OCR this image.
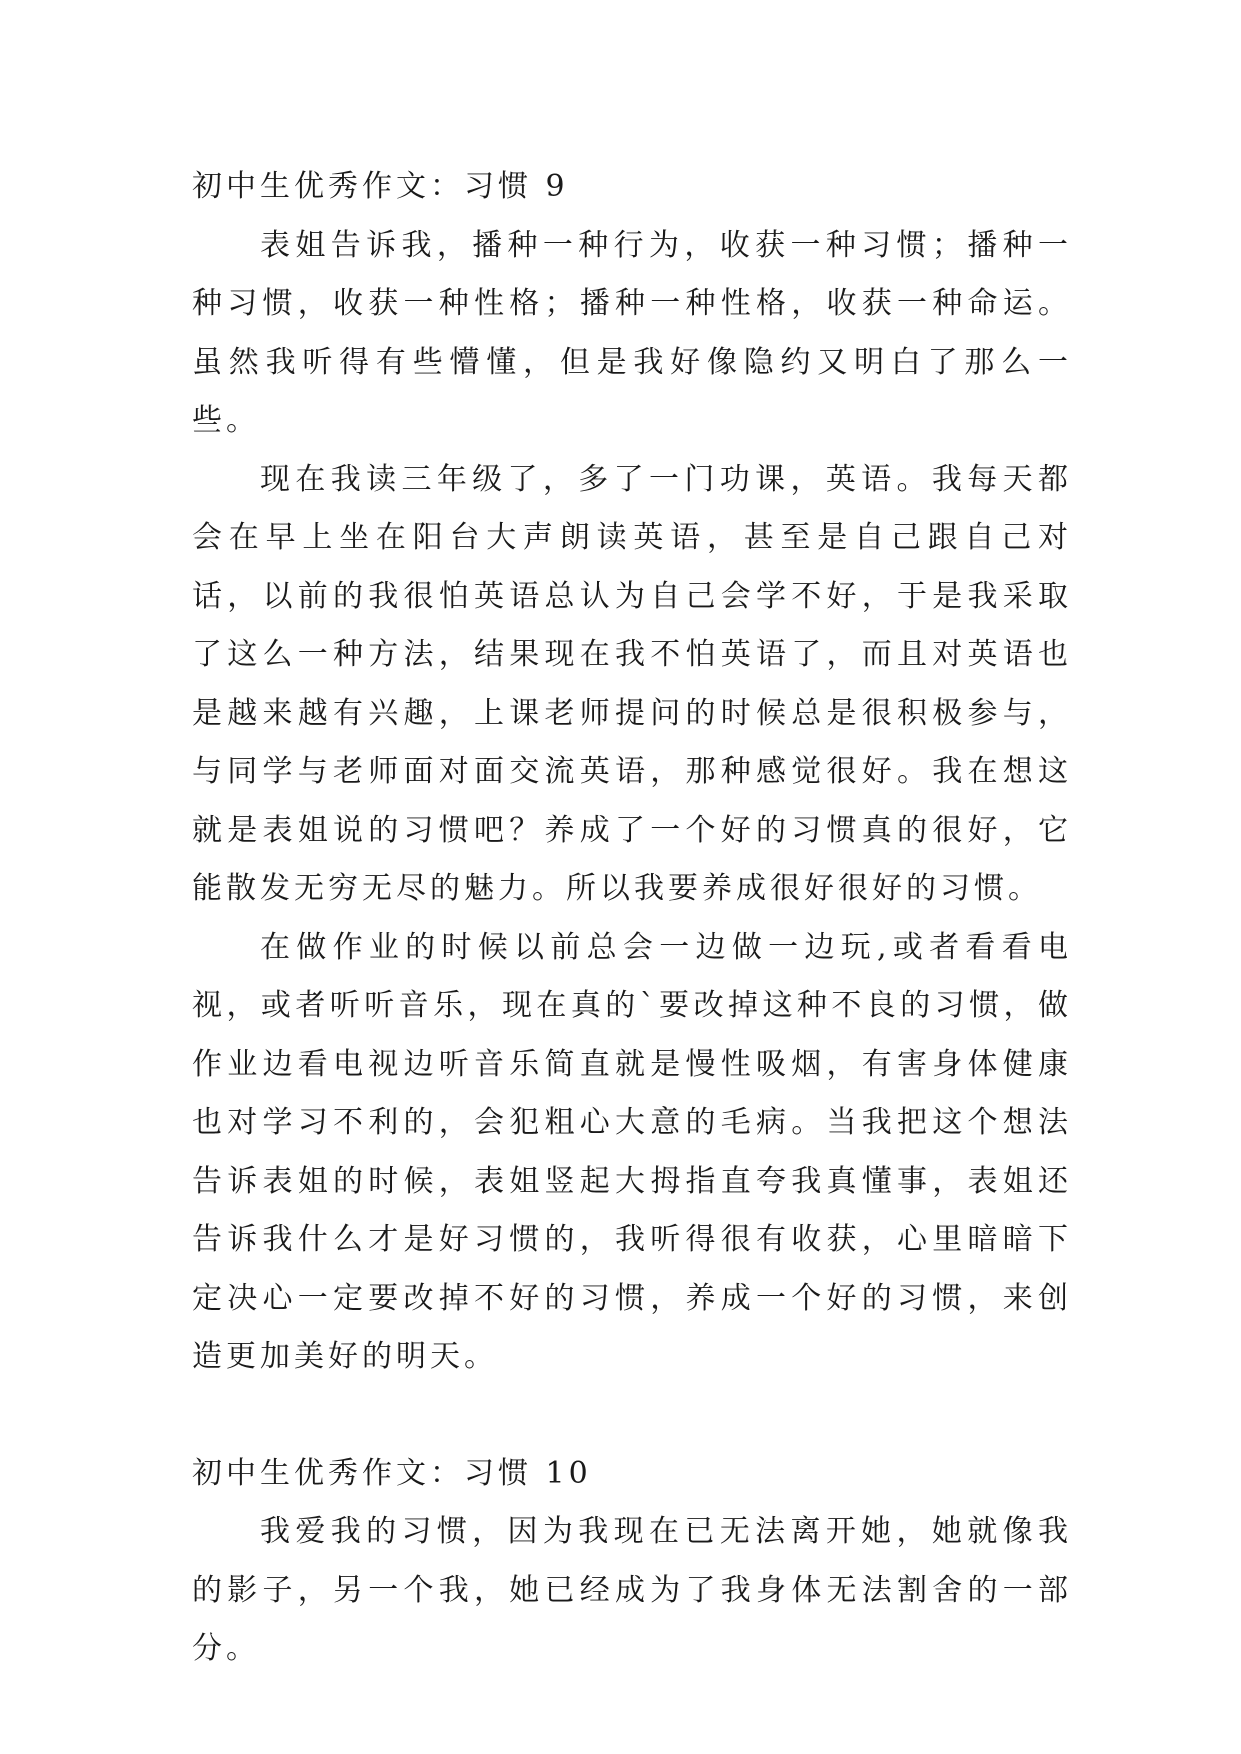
初中生优秀作文：习惯 9

表姐告诉我，播种一种行为，收获一种习惯；播种一种习惯，收获一种性格；播种一种性格，收获一种命运。虽然我听得有些懵懂，但是我好像隐约又明白了那么一些。

现在我读三年级了，多了一门功课，英语。我每天都会在早上坐在阳台大声朗读英语，甚至是自己跟自己对话，以前的我很怕英语总认为自己会学不好，于是我采取了这么一种方法，结果现在我不怕英语了，而且对英语也是越来越有兴趣，上课老师提问的时候总是很积极参与，与同学与老师面对面交流英语，那种感觉很好。我在想这就是表姐说的习惯吧？养成了一个好的习惯真的很好，它能散发无穷无尽的魅力。所以我要养成很好很好的习惯。

在做作业的时候以前总会一边做一边玩,或者看看电视，或者听听音乐，现在真的`要改掉这种不良的习惯，做作业边看电视边听音乐简直就是慢性吸烟，有害身体健康也对学习不利的，会犯粗心大意的毛病。当我把这个想法告诉表姐的时候，表姐竖起大拇指直夸我真懂事，表姐还告诉我什么才是好习惯的，我听得很有收获，心里暗暗下定决心一定要改掉不好的习惯，养成一个好的习惯，来创造更加美好的明天。

初中生优秀作文：习惯 10

我爱我的习惯，因为我现在已无法离开她，她就像我的影子，另一个我，她已经成为了我身体无法割舍的一部分。
